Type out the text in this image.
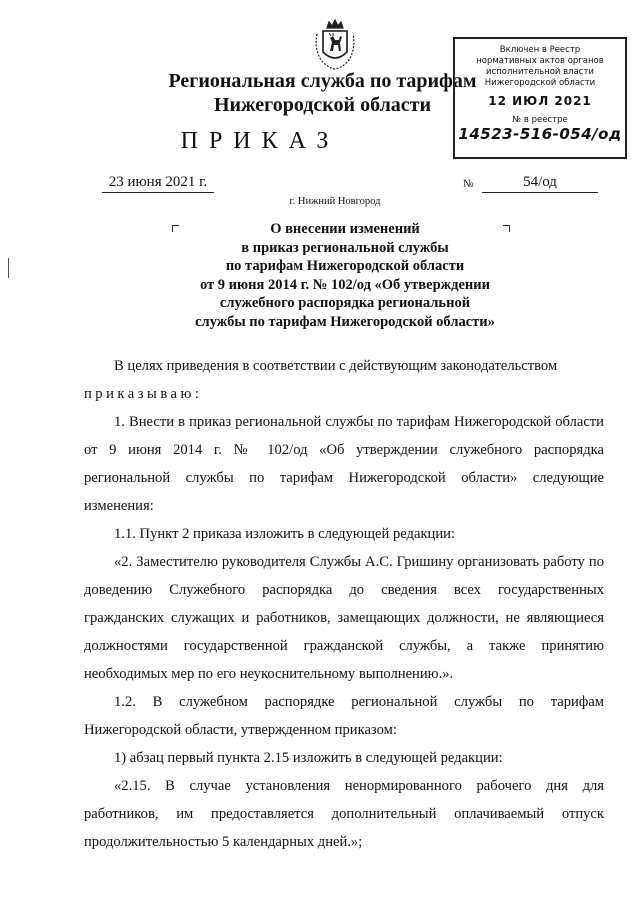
Региональная служба по тарифам
Нижегородской области
Включен в Реестр
нормативных актов органов
исполнительной власти
Нижегородской области
12 ИЮЛ 2021
№ в реестре
14523-516-054/од
ПРИКАЗ
23 июня 2021 г.	№	54/од
г. Нижний Новгород
О внесении изменений
в приказ региональной службы
по тарифам Нижегородской области
от 9 июня 2014 г. № 102/од «Об утверждении
служебного распорядка региональной
службы по тарифам Нижегородской области»

В целях приведения в соответствии с действующим законодательством

приказываю:

1. Внести в приказ региональной службы по тарифам Нижегородской области от 9 июня 2014 г. № 102/од «Об утверждении служебного распорядка региональной службы по тарифам Нижегородской области» следующие изменения:

1.1. Пункт 2 приказа изложить в следующей редакции:

«2. Заместителю руководителя Службы А.С. Гришину организовать работу по доведению Служебного распорядка до сведения всех государственных гражданских служащих и работников, замещающих должности, не являющиеся должностями государственной гражданской службы, а также принятию необходимых мер по его неукоснительному выполнению.».

1.2. В служебном распорядке региональной службы по тарифам Нижегородской области, утвержденном приказом:

1) абзац первый пункта 2.15 изложить в следующей редакции:

«2.15. В случае установления ненормированного рабочего дня для работников, им предоставляется дополнительный оплачиваемый отпуск продолжительностью 5 календарных дней.»;
